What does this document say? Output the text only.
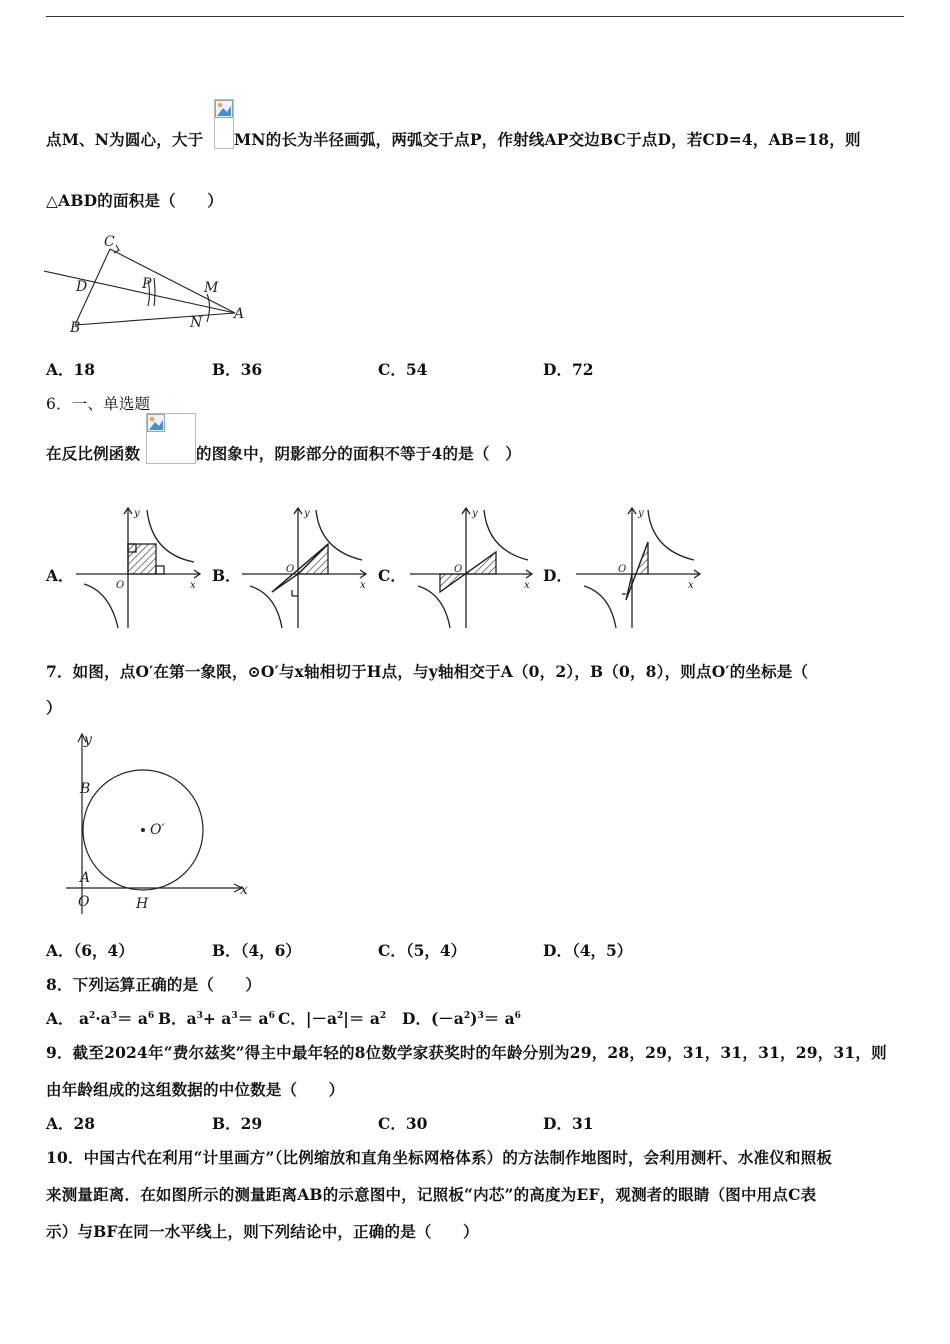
点M、N为圆心，大于 MN的长为半径画弧，两弧交于点P，作射线AP交边BC于点D，若CD=4，AB=18，则
△ABD的面积是（　　）
C
D	P	M
B	N
A
A．18	B．36	C．54	D．72
6．一、单选题
在反比例函数	的图象中，阴影部分的面积不等于4的是（　）
A．
y
O	x
B．
y
O
x
C．
y
O
x
D．
y
O
x
7．如图，点O′在第一象限，⊙O′与x轴相切于H点，与y轴相交于A（0，2），B（0，8），则点O′的坐标是（
）
y
B
O′
A
O	H
x
A．（6，4）	B．（4，6）	C．（5，4）	D．（4，5）
8．下列运算正确的是（　　）
A． $a^2\cdot a^3= a^6$ B．$a^3+ a^3= a^6$ C．$|-a^2|= a^2$ D．$(-a^2)^3= a^6$
9．截至2024年“费尔兹奖”得主中最年轻的8位数学家获奖时的年龄分别为29，28，29，31，31，31，29，31，则
由年龄组成的这组数据的中位数是（　　）
A．28	B．29	C．30	D．31
10．中国古代在利用“计里画方”（比例缩放和直角坐标网格体系）的方法制作地图时，会利用测杆、水准仪和照板
来测量距离．在如图所示的测量距离AB的示意图中，记照板“内芯”的高度为EF，观测者的眼睛（图中用点C表
示）与BF在同一水平线上，则下列结论中，正确的是（　　）
